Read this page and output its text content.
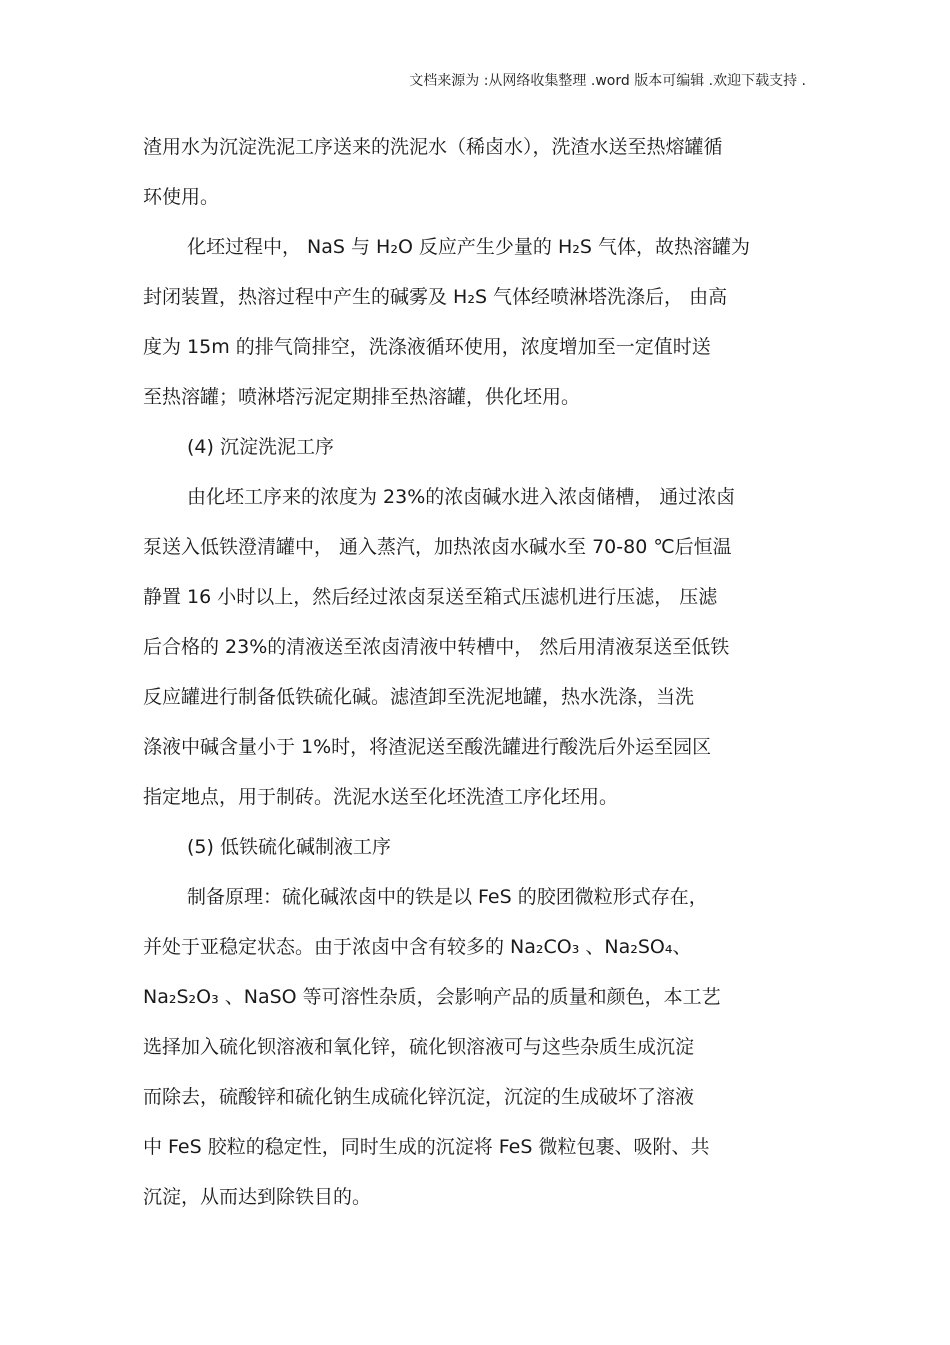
文档来源为 :从网络收集整理 .word 版本可编辑 .欢迎下载支持 .
渣用水为沉淀洗泥工序送来的洗泥水（稀卤水），洗渣水送至热熔罐循
环使用。
化坯过程中， NaS 与 H₂O 反应产生少量的 H₂S 气体，故热溶罐为
封闭装置，热溶过程中产生的碱雾及 H₂S 气体经喷淋塔洗涤后， 由高
度为 15m 的排气筒排空，洗涤液循环使用，浓度增加至一定值时送
至热溶罐；喷淋塔污泥定期排至热溶罐，供化坯用。
(4) 沉淀洗泥工序
由化坯工序来的浓度为 23%的浓卤碱水进入浓卤储槽， 通过浓卤
泵送入低铁澄清罐中， 通入蒸汽，加热浓卤水碱水至 70-80 ℃后恒温
静置 16 小时以上，然后经过浓卤泵送至箱式压滤机进行压滤， 压滤
后合格的 23%的清液送至浓卤清液中转槽中， 然后用清液泵送至低铁
反应罐进行制备低铁硫化碱。滤渣卸至洗泥地罐，热水洗涤，当洗
涤液中碱含量小于 1%时，将渣泥送至酸洗罐进行酸洗后外运至园区
指定地点，用于制砖。洗泥水送至化坯洗渣工序化坯用。
(5) 低铁硫化碱制液工序
制备原理：硫化碱浓卤中的铁是以 FeS 的胶团微粒形式存在，
并处于亚稳定状态。由于浓卤中含有较多的 Na₂CO₃ 、Na₂SO₄、
Na₂S₂O₃ 、NaSO 等可溶性杂质，会影响产品的质量和颜色，本工艺
选择加入硫化钡溶液和氧化锌，硫化钡溶液可与这些杂质生成沉淀
而除去，硫酸锌和硫化钠生成硫化锌沉淀，沉淀的生成破坏了溶液
中 FeS 胶粒的稳定性，同时生成的沉淀将 FeS 微粒包裹、吸附、共
沉淀，从而达到除铁目的。
